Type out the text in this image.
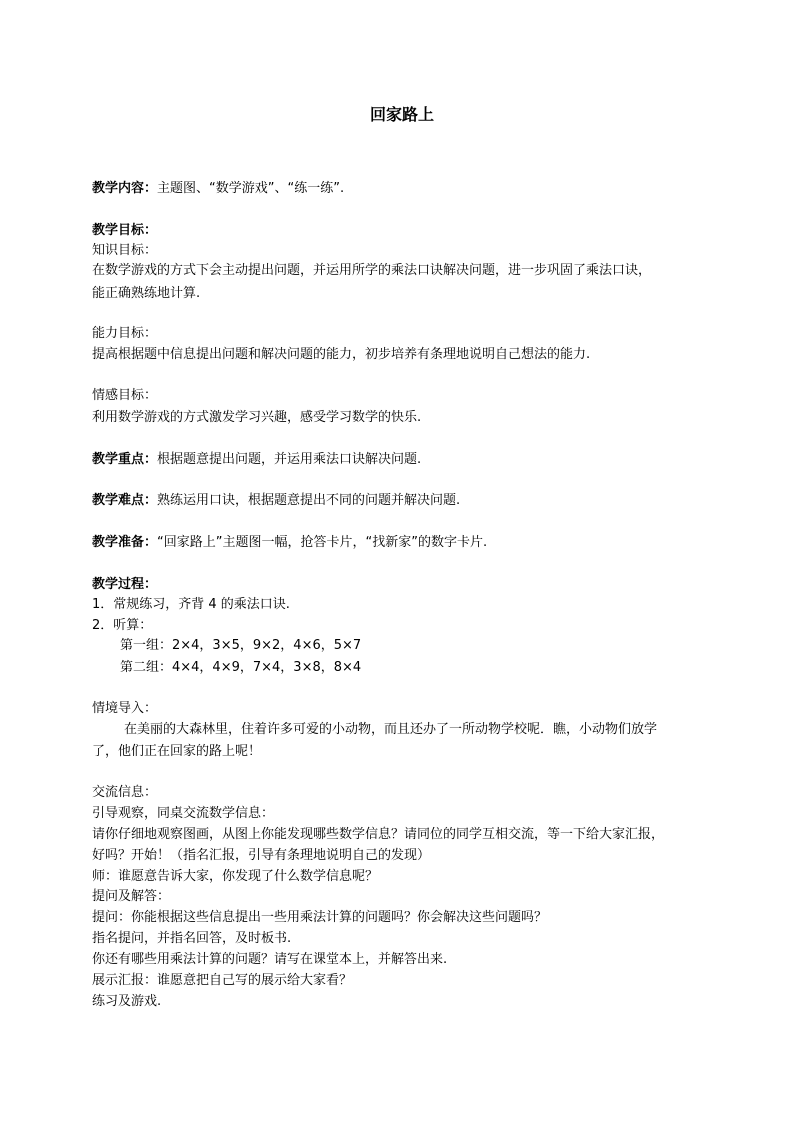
回家路上
教学内容：主题图、“数学游戏”、“练一练”.
教学目标：
知识目标：
在数学游戏的方式下会主动提出问题，并运用所学的乘法口诀解决问题，进一步巩固了乘法口诀，
能正确熟练地计算.
能力目标：
提高根据题中信息提出问题和解决问题的能力，初步培养有条理地说明自己想法的能力.
情感目标：
利用数学游戏的方式激发学习兴趣，感受学习数学的快乐.
教学重点：根据题意提出问题，并运用乘法口诀解决问题.
教学难点：熟练运用口诀，根据题意提出不同的问题并解决问题.
教学准备：“回家路上”主题图一幅，抢答卡片，“找新家”的数字卡片.
教学过程：
1．常规练习，齐背 4 的乘法口诀.
2．听算：
第一组：2×4，3×5，9×2，4×6，5×7
第二组：4×4，4×9，7×4，3×8，8×4
情境导入：
在美丽的大森林里，住着许多可爱的小动物，而且还办了一所动物学校呢．瞧，小动物们放学
了，他们正在回家的路上呢！
交流信息：
引导观察，同桌交流数学信息：
请你仔细地观察图画，从图上你能发现哪些数学信息？请同位的同学互相交流，等一下给大家汇报，
好吗？开始！（指名汇报，引导有条理地说明自己的发现）
师：谁愿意告诉大家，你发现了什么数学信息呢？
提问及解答：
提问：你能根据这些信息提出一些用乘法计算的问题吗？你会解决这些问题吗？
指名提问，并指名回答，及时板书.
你还有哪些用乘法计算的问题？请写在课堂本上，并解答出来.
展示汇报：谁愿意把自己写的展示给大家看？
练习及游戏.
